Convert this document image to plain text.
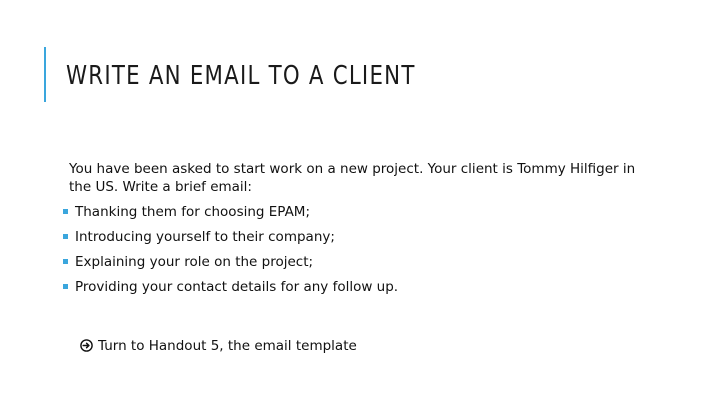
WRITE AN EMAIL TO A CLIENT

You have been asked to start work on a new project. Your client is Tommy Hilfiger in the US. Write a brief email:

Thanking them for choosing EPAM;
Introducing yourself to their company;
Explaining your role on the project;
Providing your contact details for any follow up.
Turn to Handout 5, the email template
